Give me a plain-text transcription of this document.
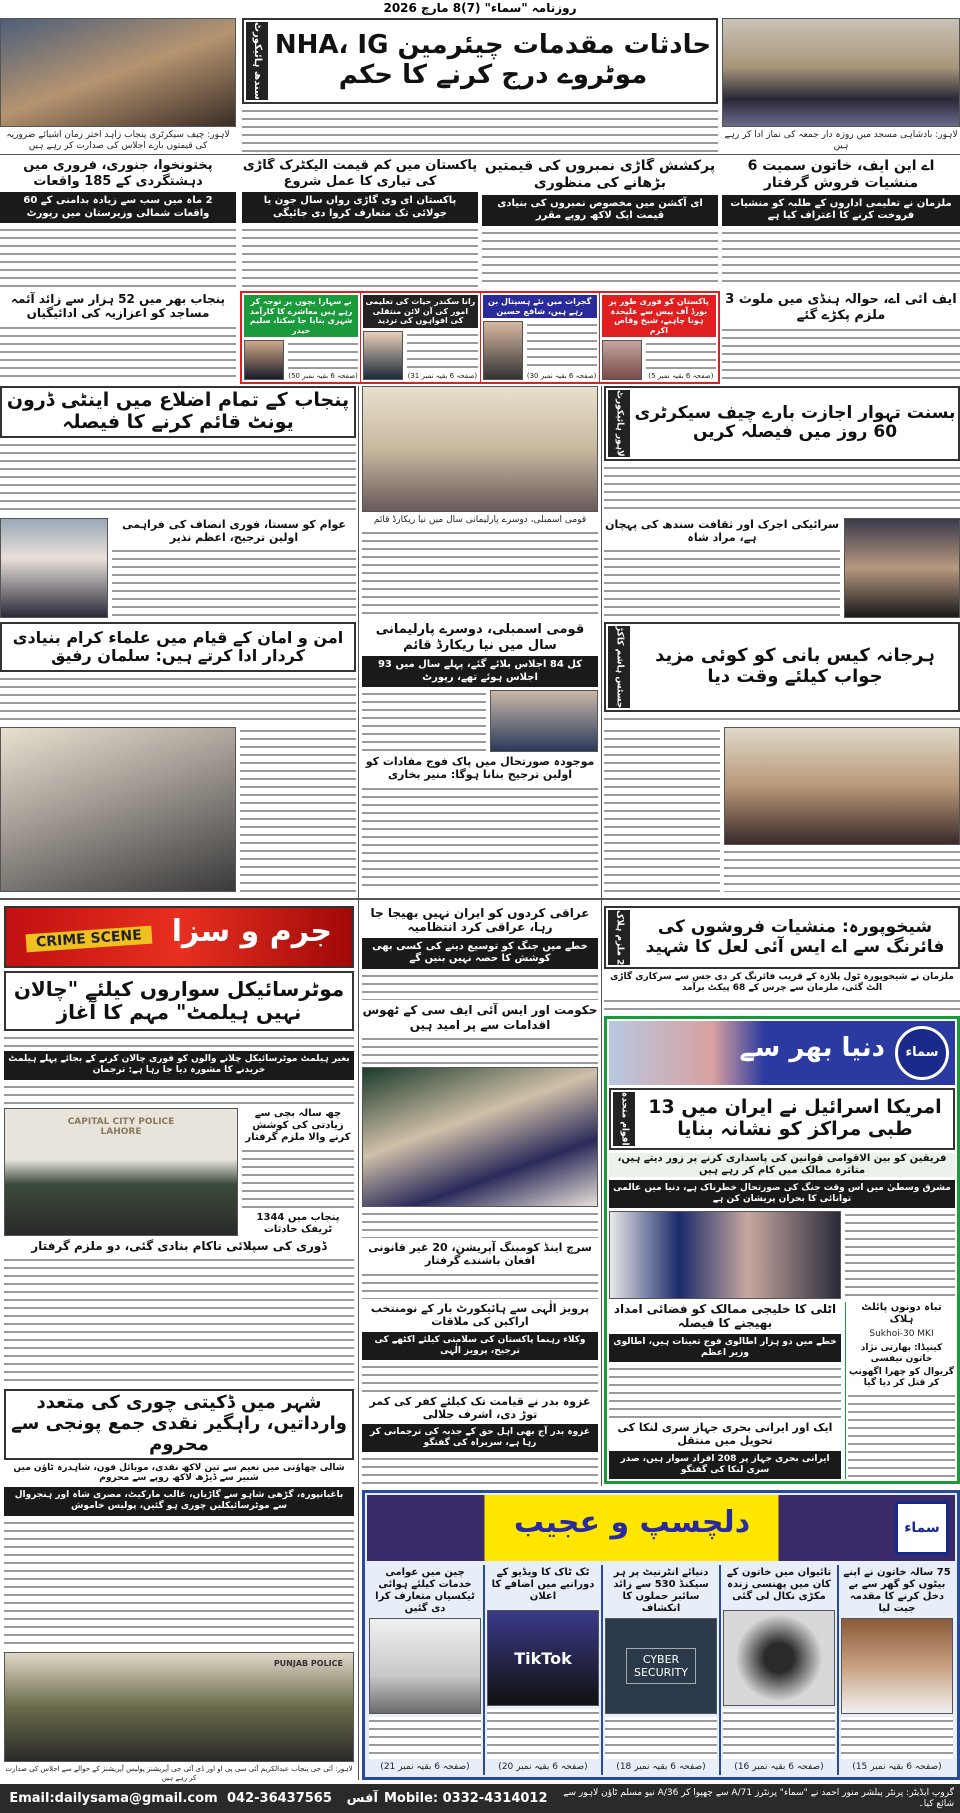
روزنامہ "سماء" (7)8 مارچ 2026
لاہور: چیف سیکرٹری پنجاب زاہد اختر زمان اشیائے ضروریہ کی قیمتوں بارے اجلاس کی صدارت کر رہے ہیں
سندھ ہائیکورٹ حادثات مقدمات چیئرمین NHA، IG موٹروے درج کرنے کا حکم
لاہور: بادشاہی مسجد میں روزہ دار جمعہ کی نماز ادا کر رہے ہیں
اے این ایف، خاتون سمیت 6 منشیات فروش گرفتار
ملزمان نے تعلیمی اداروں کے طلبہ کو منشیات فروخت کرنے کا اعتراف کیا ہے
پرکشش گاڑی نمبروں کی قیمتیں بڑھانے کی منظوری
ای آکشن میں مخصوص نمبروں کی بنیادی قیمت ایک لاکھ روپے مقرر
پاکستان میں کم قیمت الیکٹرک گاڑی کی تیاری کا عمل شروع
پاکستان ای وی گاڑی رواں سال جون یا جولائی تک متعارف کروا دی جائیگی
پختونخوا، جنوری، فروری میں دہشتگردی کے 185 واقعات
2 ماہ میں سب سے زیادہ بدامنی کے 60 واقعات شمالی وزیرستان میں رپورٹ
ایف آئی اے، حوالہ ہنڈی میں ملوث 3 ملزم پکڑے گئے
پنجاب بھر میں 52 ہزار سے زائد آئمہ مساجد کو اعزازیہ کی ادائیگیاں
پاکستان کو فوری طور پر بورڈ آف پیس سے علیحدہ ہونا چاہیے، شیخ وقاص اکرم
(صفحہ 6 بقیہ نمبر 5)
گجرات میں نئے ہسپتال بن رہے ہیں، شافع حسین
(صفحہ 6 بقیہ نمبر 30)
رانا سکندر حیات کی تعلیمی امور کی آن لائن منتقلی کی افواہوں کی تردید
(صفحہ 6 بقیہ نمبر 31)
بے سہارا بچوں پر توجہ کر رہے ہیں معاشرے کا کارآمد شہری بنایا جا سکتا، سلیم حیدر
(صفحہ 6 بقیہ نمبر 50)
پنجاب کے تمام اضلاع میں اینٹی ڈرون یونٹ قائم کرنے کا فیصلہ
عوام کو سستا، فوری انصاف کی فراہمی اولین ترجیح، اعظم نذیر
قومی اسمبلی، دوسرے پارلیمانی سال میں نیا ریکارڈ قائم
بسنت تہوار اجازت بارے چیف سیکرٹری 60 روز میں فیصلہ کریں
لاہور ہائیکورٹ
سرائیکی اجرک اور ثقافت سندھ کی پہچان ہے، مراد شاہ
امن و امان کے قیام میں علماء کرام بنیادی کردار ادا کرتے ہیں: سلمان رفیق
قومی اسمبلی، دوسرے پارلیمانی سال میں نیا ریکارڈ قائم
کل 84 اجلاس بلائے گئے، پہلے سال میں 93 اجلاس ہوئے تھے، رپورٹ
موجودہ صورتحال میں پاک فوج مفادات کو اولین ترجیح بنانا ہوگا: منیر بخاری
ہرجانہ کیس بانی کو کوئی مزید جواب کیلئے وقت دیا
جسٹس ہاشم کاکڑ
CRIME SCENE جرم و سزا
موٹرسائیکل سواروں کیلئے "چالان نہیں ہیلمٹ" مہم کا آغاز
بغیر ہیلمٹ موٹرسائیکل چلانے والوں کو فوری چالان کرنے کے بجائے پہلے ہیلمٹ خریدنے کا مشورہ دیا جا رہا ہے: ترجمان
چھ سالہ بچی سے زیادتی کی کوشش کرنے والا ملزم گرفتار
پنجاب میں 1344 ٹریفک حادثات
CAPITAL CITY POLICE LAHORE
ڈوری کی سپلائی ناکام بنادی گئی، دو ملزم گرفتار
شہر میں ڈکیتی چوری کی متعدد وارداتیں، راہگیر نقدی جمع پونجی سے محروم
شالی چھاؤنی میں نعیم سے تین لاکھ نقدی، موبائل فون، شاہدرہ ٹاؤن میں شبیر سے ڈیڑھ لاکھ روپے سے محروم
باغبانپورہ، گڑھی شاہو سے گاڑیاں، غالب مارکیٹ، مصری شاہ اور ہنجروال سے موٹرسائیکلیں چوری ہو گئیں، پولیس خاموش
PUNJAB POLICE
لاہور: آئی جی پنجاب عبدالکریم آئی سی پی او اور ڈی آئی جی آپریشنز پولیس آپریشنز کے حوالے سے اجلاس کی صدارت کر رہے ہیں
عراقی کردوں کو ایران نہیں بھیجا جا رہا، عراقی کرد انتظامیہ
خطے میں جنگ کو توسیع دینے کی کسی بھی کوشش کا حصہ نہیں بنیں گے
حکومت اور ایس آئی ایف سی کے ٹھوس اقدامات سے پر امید ہیں
سرچ اینڈ کومبنگ آپریشن، 20 غیر قانونی افغان باشندے گرفتار
پرویز الٰہی سے ہائیکورٹ بار کے نومنتخب اراکین کی ملاقات
وکلاء رہنما پاکستان کی سلامتی کیلئے اکٹھے کی ترجیح، پرویز الٰہی
غزوہ بدر نے قیامت تک کیلئے کفر کی کمر توڑ دی، اشرف جلالی
غزوہ بدر آج بھی اہل حق کے جذبہ کی ترجمانی کر رہا ہے، سربراہ کی گفتگو
شیخوپورہ: منشیات فروشوں کی فائرنگ سے اے ایس آئی لعل کا شہید
2 ملزم ہلاک
ملزمان نے شیخوپورہ ٹول پلازہ کے قریب فائرنگ کر دی جس سے سرکاری گاڑی الٹ گئی، ملزمان سے چرس کے 68 پیکٹ برآمد
دنیا بھر سے	سماء
امریکا اسرائیل نے ایران میں 13 طبی مراکز کو نشانہ بنایا
اقوام متحدہ
فریقین کو بین الاقوامی قوانین کی پاسداری کرنے پر زور دیتے ہیں، متاثرہ ممالک میں کام کر رہے ہیں
مشرق وسطیٰ میں اس وقت جنگ کی صورتحال خطرناک ہے، دنیا میں عالمی توانائی کا بحران پریشان کن ہے
اٹلی کا خلیجی ممالک کو فضائی امداد بھیجنے کا فیصلہ
خطے میں دو ہزار اطالوی فوج تعینات ہیں، اطالوی وزیر اعظم
ایک اور ایرانی بحری جہاز سری لنکا کی تحویل میں منتقل
ایرانی بحری جہاز پر 208 افراد سوار ہیں، صدر سری لنکا کی گفتگو
تباہ دونوں پائلٹ ہلاک
Sukhoi-30 MKI
کینیڈا: بھارتی نژاد خاتون نیفسی
گریوال کو چھرا اگھونپ کر قتل کر دیا گیا
دلچسپ و عجیب	سماء
75 سالہ خاتون نے اپنے بیٹوں کو گھر سے بے دخل کرنے کا مقدمہ جیت لیا
(صفحہ 6 بقیہ نمبر 15)
تائیوان میں خاتون کے کان میں پھنسی زندہ مکڑی نکال لی گئی
(صفحہ 6 بقیہ نمبر 16)
دنیائے انٹرنیٹ پر ہر سیکنڈ 530 سے زائد سائبر حملوں کا انکشاف
CYBER SECURITY
(صفحہ 6 بقیہ نمبر 18)
ٹک ٹاک کا ویڈیو کے دورانیے میں اضافے کا اعلان
TikTok
(صفحہ 6 بقیہ نمبر 20)
چین میں عوامی خدمات کیلئے ہوائی ٹیکسیاں متعارف کرا دی گئیں
(صفحہ 6 بقیہ نمبر 21)
Email:dailysama@gmail.com 042-36437565	آفس Mobile: 0332-4314012	گروپ ایڈیٹر: پرنٹر پبلشر منور احمد نے "سماء" پرنٹرز 71/A سے چھپوا کر 36/A نیو مسلم ٹاؤن لاہور سے شائع کیا۔
